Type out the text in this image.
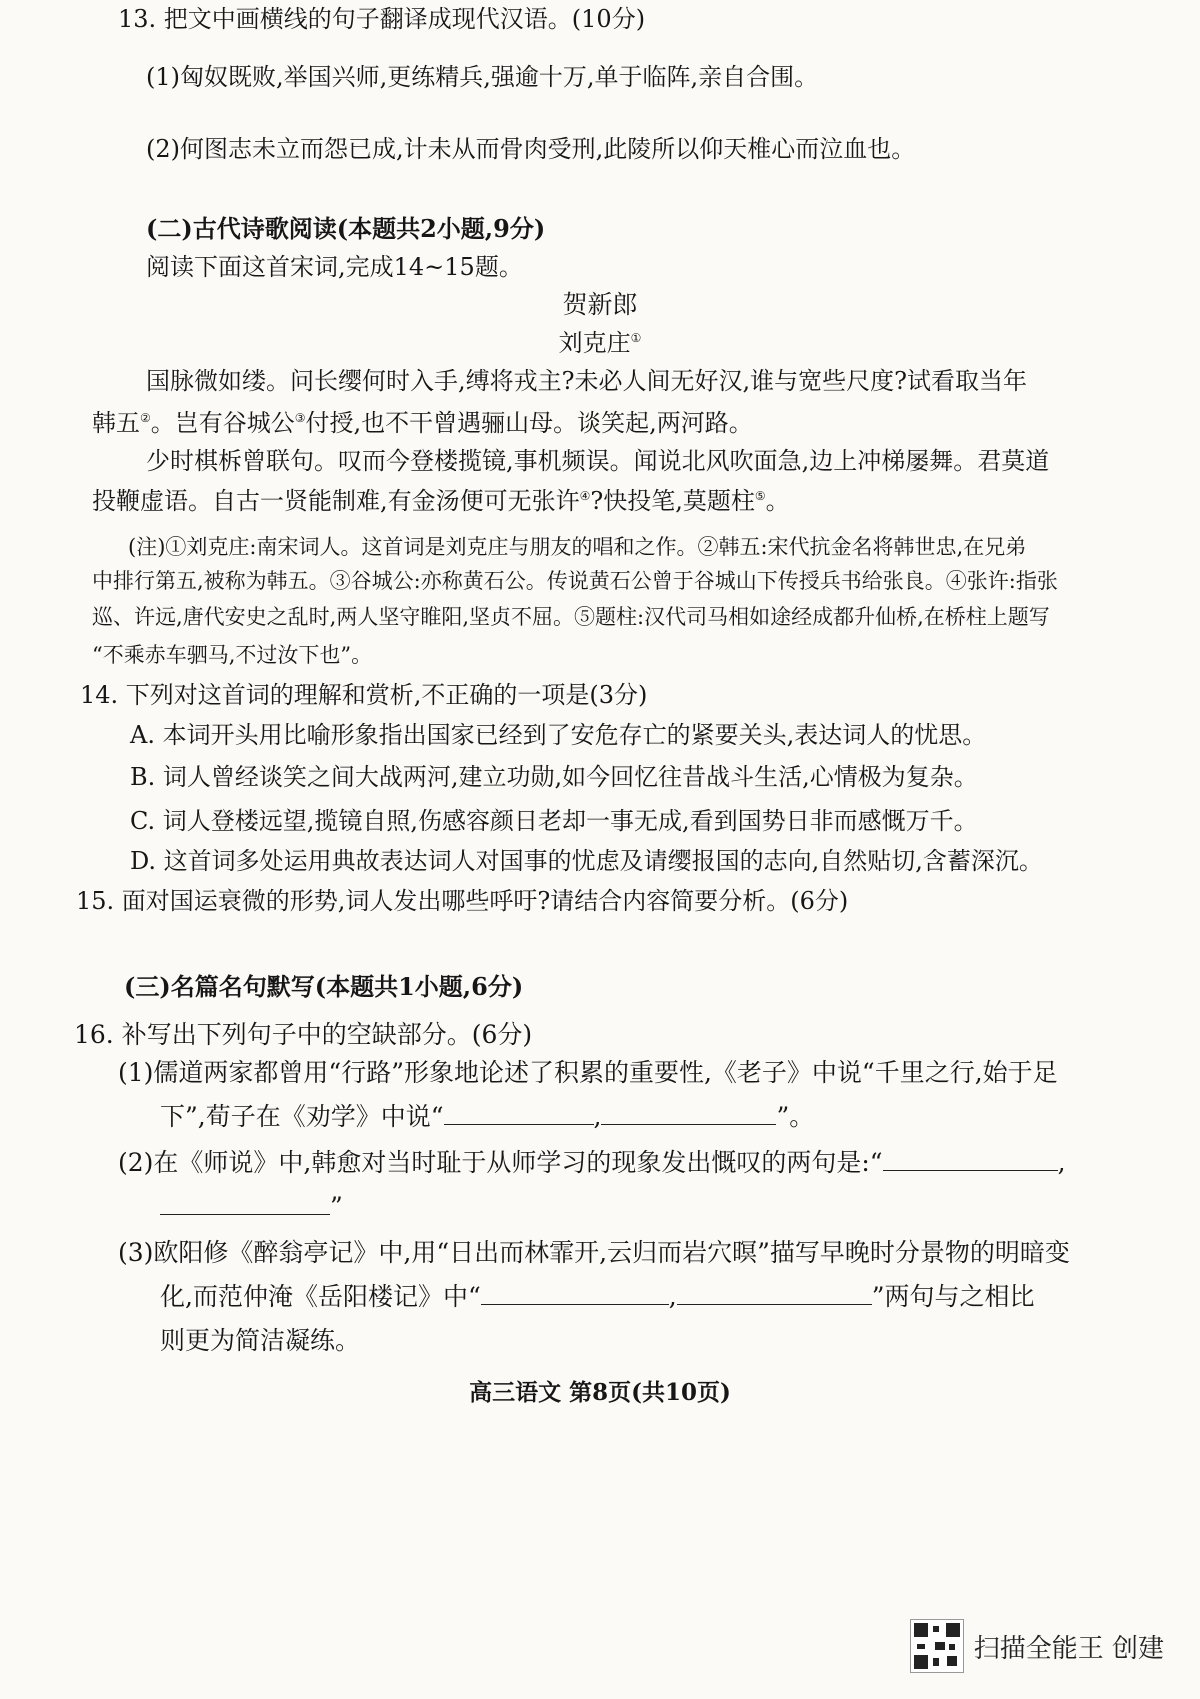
13. 把文中画横线的句子翻译成现代汉语。(10分)
(1)匈奴既败,举国兴师,更练精兵,强逾十万,单于临阵,亲自合围。
(2)何图志未立而怨已成,计未从而骨肉受刑,此陵所以仰天椎心而泣血也。
(二)古代诗歌阅读(本题共2小题,9分)
阅读下面这首宋词,完成14~15题。
贺新郎
刘克庄①
国脉微如缕。问长缨何时入手,缚将戎主?未必人间无好汉,谁与宽些尺度?试看取当年
韩五②。岂有谷城公③付授,也不干曾遇骊山母。谈笑起,两河路。
少时棋柝曾联句。叹而今登楼揽镜,事机频误。闻说北风吹面急,边上冲梯屡舞。君莫道
投鞭虚语。自古一贤能制难,有金汤便可无张许④?快投笔,莫题柱⑤。
(注)①刘克庄:南宋词人。这首词是刘克庄与朋友的唱和之作。②韩五:宋代抗金名将韩世忠,在兄弟
中排行第五,被称为韩五。③谷城公:亦称黄石公。传说黄石公曾于谷城山下传授兵书给张良。④张许:指张
巡、许远,唐代安史之乱时,两人坚守睢阳,坚贞不屈。⑤题柱:汉代司马相如途经成都升仙桥,在桥柱上题写
“不乘赤车驷马,不过汝下也”。
14. 下列对这首词的理解和赏析,不正确的一项是(3分)
A. 本词开头用比喻形象指出国家已经到了安危存亡的紧要关头,表达词人的忧思。
B. 词人曾经谈笑之间大战两河,建立功勋,如今回忆往昔战斗生活,心情极为复杂。
C. 词人登楼远望,揽镜自照,伤感容颜日老却一事无成,看到国势日非而感慨万千。
D. 这首词多处运用典故表达词人对国事的忧虑及请缨报国的志向,自然贴切,含蓄深沉。
15. 面对国运衰微的形势,词人发出哪些呼吁?请结合内容简要分析。(6分)
(三)名篇名句默写(本题共1小题,6分)
16. 补写出下列句子中的空缺部分。(6分)
(1)儒道两家都曾用“行路”形象地论述了积累的重要性,《老子》中说“千里之行,始于足
下”,荀子在《劝学》中说“	,	”。
(2)在《师说》中,韩愈对当时耻于从师学习的现象发出慨叹的两句是:“	,
”
(3)欧阳修《醉翁亭记》中,用“日出而林霏开,云归而岩穴暝”描写早晚时分景物的明暗变
化,而范仲淹《岳阳楼记》中“	,	”两句与之相比
则更为简洁凝练。
高三语文 第8页(共10页)
扫描全能王 创建
